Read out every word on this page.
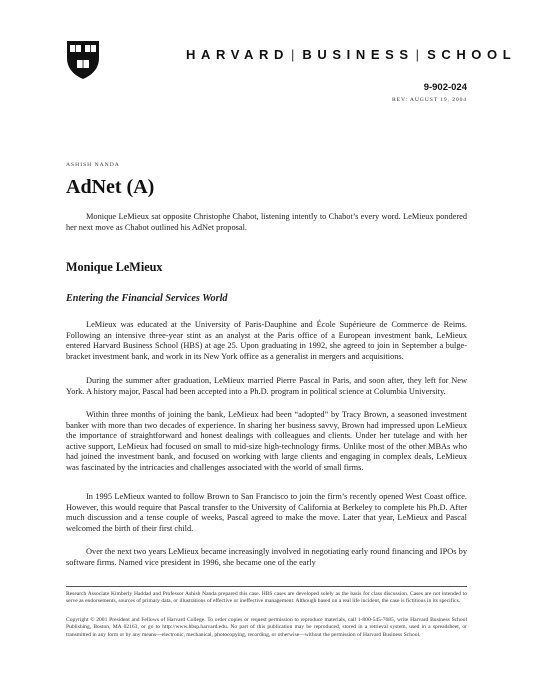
HARVARD | BUSINESS | SCHOOL
9-902-024
REV: AUGUST 19, 2004
ASHISH NANDA
AdNet (A)

Monique LeMieux sat opposite Christophe Chabot, listening intently to Chabot’s every word. LeMieux pondered her next move as Chabot outlined his AdNet proposal.

Monique LeMieux
Entering the Financial Services World

LeMieux was educated at the University of Paris-Dauphine and École Supérieure de Commerce de Reims. Following an intensive three-year stint as an analyst at the Paris office of a European investment bank, LeMieux entered Harvard Business School (HBS) at age 25. Upon graduating in 1992, she agreed to join in September a bulge-bracket investment bank, and work in its New York office as a generalist in mergers and acquisitions.

During the summer after graduation, LeMieux married Pierre Pascal in Paris, and soon after, they left for New York. A history major, Pascal had been accepted into a Ph.D. program in political science at Columbia University.

Within three months of joining the bank, LeMieux had been “adopted” by Tracy Brown, a seasoned investment banker with more than two decades of experience. In sharing her business savvy, Brown had impressed upon LeMieux the importance of straightforward and honest dealings with colleagues and clients. Under her tutelage and with her active support, LeMieux had focused on small to mid-size high-technology firms. Unlike most of the other MBAs who had joined the investment bank, and focused on working with large clients and engaging in complex deals, LeMieux was fascinated by the intricacies and challenges associated with the world of small firms.

In 1995 LeMieux wanted to follow Brown to San Francisco to join the firm’s recently opened West Coast office. However, this would require that Pascal transfer to the University of California at Berkeley to complete his Ph.D. After much discussion and a tense couple of weeks, Pascal agreed to make the move. Later that year, LeMieux and Pascal welcomed the birth of their first child.

Over the next two years LeMieux became increasingly involved in negotiating early round financing and IPOs by software firms. Named vice president in 1996, she became one of the early

Research Associate Kimberly Haddad and Professor Ashish Nanda prepared this case. HBS cases are developed solely as the basis for class discussion. Cases are not intended to serve as endorsements, sources of primary data, or illustrations of effective or ineffective management. Although based on a real life incident, the case is fictitious in its specifics.

Copyright © 2001 President and Fellows of Harvard College. To order copies or request permission to reproduce materials, call 1-800-545-7685, write Harvard Business School Publishing, Boston, MA 02163, or go to http://www.hbsp.harvard.edu. No part of this publication may be reproduced, stored in a retrieval system, used in a spreadsheet, or transmitted in any form or by any means—electronic, mechanical, photocopying, recording, or otherwise—without the permission of Harvard Business School.
